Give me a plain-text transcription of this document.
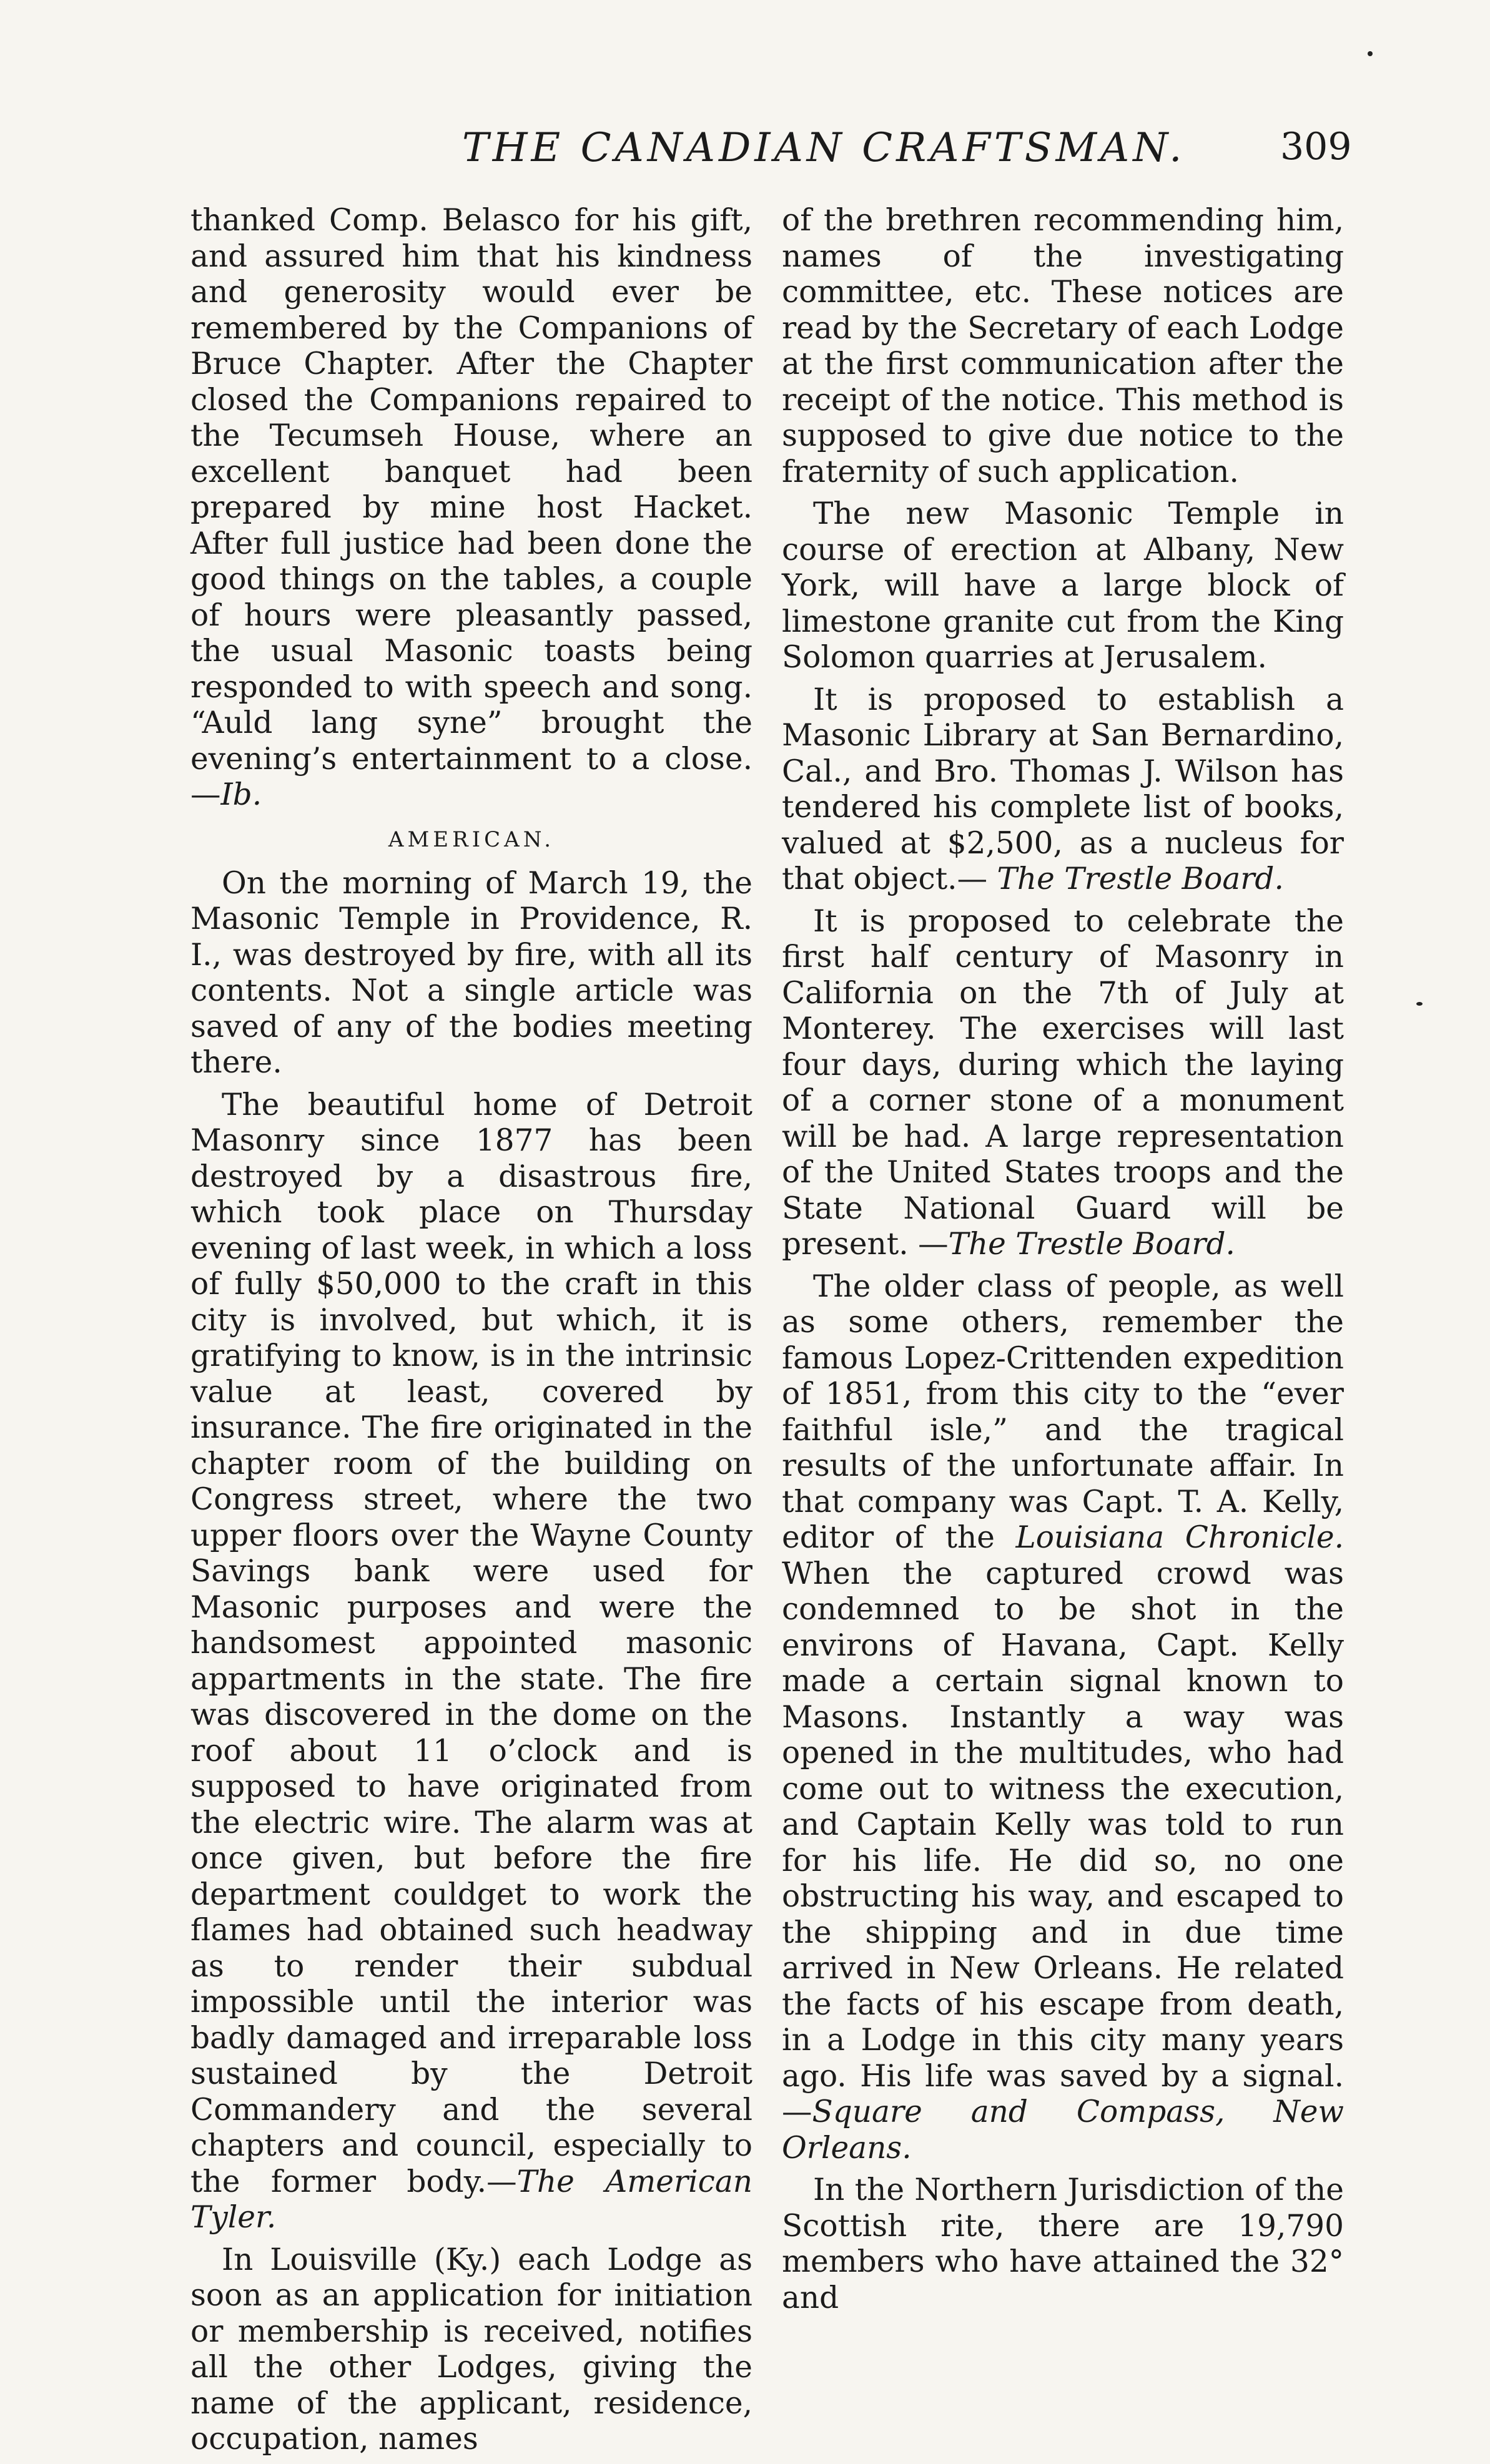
THE CANADIAN CRAFTSMAN.	309

thanked Comp. Belasco for his gift, and assured him that his kindness and generosity would ever be remembered by the Companions of Bruce Chapter. After the Chapter closed the Companions repaired to the Tecumseh House, where an excellent banquet had been prepared by mine host Hacket. After full justice had been done the good things on the tables, a couple of hours were pleasantly passed, the usual Masonic toasts being responded to with speech and song. “Auld lang syne” brought the evening’s entertainment to a close.—Ib.

AMERICAN.

On the morning of March 19, the Masonic Temple in Providence, R. I., was destroyed by fire, with all its contents. Not a single article was saved of any of the bodies meeting there.

The beautiful home of Detroit Masonry since 1877 has been destroyed by a disastrous fire, which took place on Thursday evening of last week, in which a loss of fully $50,000 to the craft in this city is involved, but which, it is gratifying to know, is in the intrinsic value at least, covered by insurance. The fire originated in the chapter room of the building on Congress street, where the two upper floors over the Wayne County Savings bank were used for Masonic purposes and were the handsomest appointed masonic appartments in the state. The fire was discovered in the dome on the roof about 11 o’clock and is supposed to have originated from the electric wire. The alarm was at once given, but before the fire department couldget to work the flames had obtained such headway as to render their subdual impossible until the interior was badly damaged and irreparable loss sustained by the Detroit Commandery and the several chapters and council, especially to the former body.—The American Tyler.

In Louisville (Ky.) each Lodge as soon as an application for initiation or membership is received, notifies all the other Lodges, giving the name of the applicant, residence, occupation, names

of the brethren recommending him, names of the investigating committee, etc. These notices are read by the Secretary of each Lodge at the first communication after the receipt of the notice. This method is supposed to give due notice to the fraternity of such application.

The new Masonic Temple in course of erection at Albany, New York, will have a large block of limestone granite cut from the King Solomon quarries at Jerusalem.

It is proposed to establish a Masonic Library at San Bernardino, Cal., and Bro. Thomas J. Wilson has tendered his complete list of books, valued at $2,500, as a nucleus for that object.— The Trestle Board.

It is proposed to celebrate the first half century of Masonry in California on the 7th of July at Monterey. The exercises will last four days, during which the laying of a corner stone of a monument will be had. A large representation of the United States troops and the State National Guard will be present. —The Trestle Board.

The older class of people, as well as some others, remember the famous Lopez-Crittenden expedition of 1851, from this city to the “ever faithful isle,” and the tragical results of the unfortunate affair. In that company was Capt. T. A. Kelly, editor of the Louisiana Chronicle. When the captured crowd was condemned to be shot in the environs of Havana, Capt. Kelly made a certain signal known to Masons. Instantly a way was opened in the multitudes, who had come out to witness the execution, and Captain Kelly was told to run for his life. He did so, no one obstructing his way, and escaped to the shipping and in due time arrived in New Orleans. He related the facts of his escape from death, in a Lodge in this city many years ago. His life was saved by a signal.—Square and Compass, New Orleans.

In the Northern Jurisdiction of the Scottish rite, there are 19,790 members who have attained the 32° and
